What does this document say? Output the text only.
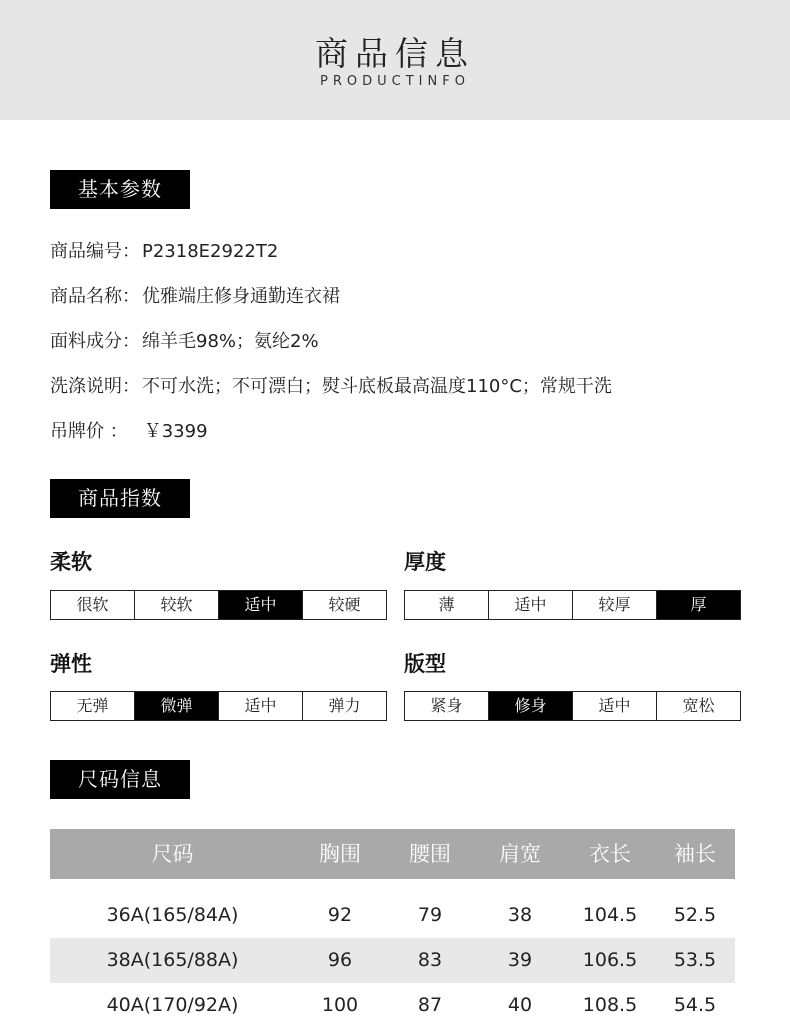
商品信息
PRODUCTINFO
基本参数
商品编号： P2318E2922T2
商品名称： 优雅端庄修身通勤连衣裙
面料成分： 绵羊毛98%；氨纶2%
洗涤说明： 不可水洗；不可漂白；熨斗底板最高温度110°C；常规干洗
吊牌价 ： ￥3399
商品指数
柔软
很软	较软	适中	较硬
厚度
薄	适中	较厚	厚
弹性
无弹	微弹	适中	弹力
版型
紧身	修身	适中	宽松
尺码信息
尺码	胸围	腰围	肩宽	衣长	袖长
36A(165/84A)	92	79	38	104.5	52.5
38A(165/88A)	96	83	39	106.5	53.5
40A(170/92A)	100	87	40	108.5	54.5
